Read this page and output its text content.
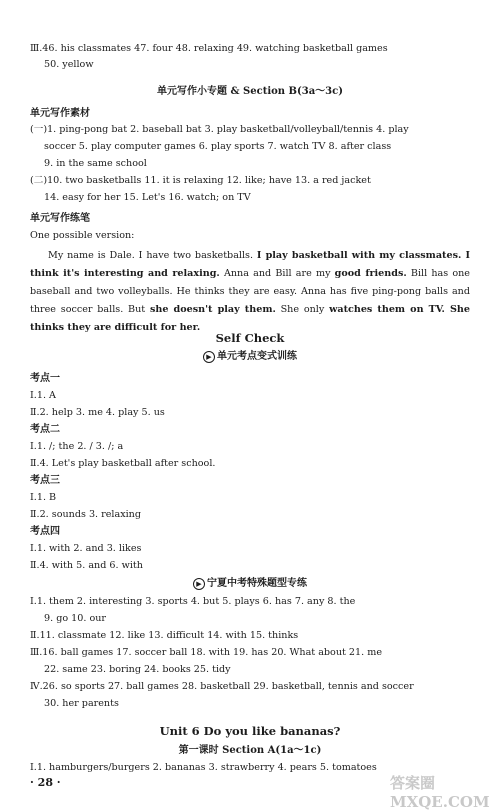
Ⅲ.46. his classmates 47. four 48. relaxing 49. watching basketball games
50. yellow
单元写作小专题 & Section B(3a～3c)
单元写作素材
(一)1. ping-pong bat 2. baseball bat 3. play basketball/volleyball/tennis 4. play
soccer 5. play computer games 6. play sports 7. watch TV 8. after class
9. in the same school
(二)10. two basketballs 11. it is relaxing 12. like; have 13. a red jacket
14. easy for her 15. Let's 16. watch; on TV
单元写作练笔
One possible version:
Self Check
▶ 单元考点变式训练
考点一
Ⅰ.1. A
Ⅱ.2. help 3. me 4. play 5. us
考点二
Ⅰ.1. /; the 2. / 3. /; a
Ⅱ.4. Let's play basketball after school.
考点三
Ⅰ.1. B
Ⅱ.2. sounds 3. relaxing
考点四
Ⅰ.1. with 2. and 3. likes
Ⅱ.4. with 5. and 6. with
▶ 宁夏中考特殊题型专练
Ⅰ.1. them 2. interesting 3. sports 4. but 5. plays 6. has 7. any 8. the
9. go 10. our
Ⅱ.11. classmate 12. like 13. difficult 14. with 15. thinks
Ⅲ.16. ball games 17. soccer ball 18. with 19. has 20. What about 21. me
22. same 23. boring 24. books 25. tidy
Ⅳ.26. so sports 27. ball games 28. basketball 29. basketball, tennis and soccer
30. her parents
Unit 6 Do you like bananas?
第一课时 Section A(1a～1c)
Ⅰ.1. hamburgers/burgers 2. bananas 3. strawberry 4. pears 5. tomatoes
My name is Dale. I have two basketballs. I play basketball with my classmates. I think it's interesting and relaxing. Anna and Bill are my good friends. Bill has one baseball and two volleyballs. He thinks they are easy. Anna has five ping-pong balls and three soccer balls. But she doesn't play them. She only watches them on TV. She thinks they are difficult for her.
· 28 ·	答案圈 MXQE.COM
